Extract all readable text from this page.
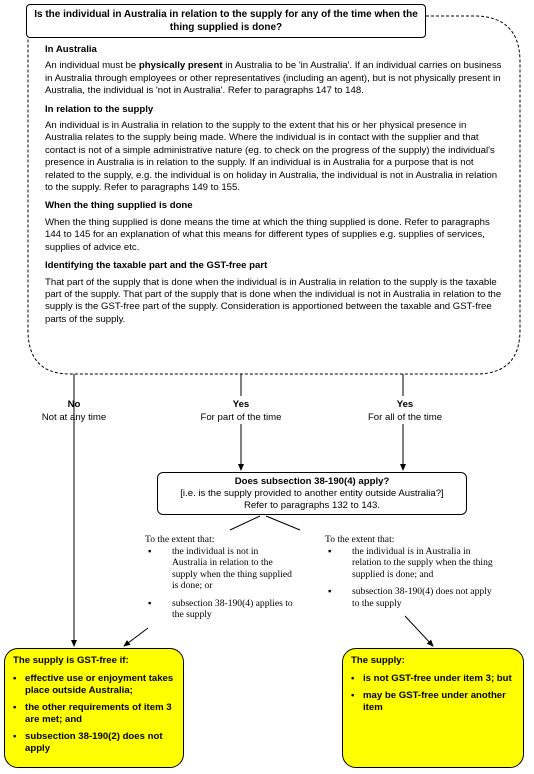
Is the individual in Australia in relation to the supply for any of the time when the thing supplied is done?
In Australia

An individual must be physically present in Australia to be 'in Australia'. If an individual carries on business in Australia through employees or other representatives (including an agent), but is not physically present in Australia, the individual is 'not in Australia'. Refer to paragraphs 147 to 148.

In relation to the supply

An individual is in Australia in relation to the supply to the extent that his or her physical presence in Australia relates to the supply being made. Where the individual is in contact with the supplier and that contact is not of a simple administrative nature (eg. to check on the progress of the supply) the individual's presence in Australia is in relation to the supply. If an individual is in Australia for a purpose that is not related to the supply, e.g. the individual is on holiday in Australia, the individual is not in Australia in relation to the supply. Refer to paragraphs 149 to 155.

When the thing supplied is done

When the thing supplied is done means the time at which the thing supplied is done. Refer to paragraphs 144 to 145 for an explanation of what this means for different types of supplies e.g. supplies of services, supplies of advice etc.

Identifying the taxable part and the GST-free part

That part of the supply that is done when the individual is in Australia in relation to the supply is the taxable part of the supply. That part of the supply that is done when the individual is not in Australia in relation to the supply is the GST-free part of the supply. Consideration is apportioned between the taxable and GST-free parts of the supply.

No
Not at any time
Yes
For part of the time
Yes
For all of the time
Does subsection 38-190(4) apply?
[i.e. is the supply provided to another entity outside Australia?]
Refer to paragraphs 132 to 143.
To the extent that:
▪ the individual is not in Australia in relation to the supply when the thing supplied is done; or
▪ subsection 38-190(4) applies to the supply
To the extent that:
▪ the individual is in Australia in relation to the supply when the thing supplied is done; and
▪ subsection 38-190(4) does not apply to the supply
The supply is GST-free if:
• effective use or enjoyment takes place outside Australia;
• the other requirements of item 3 are met; and
• subsection 38-190(2) does not apply
The supply:
• is not GST-free under item 3; but
• may be GST-free under another item
